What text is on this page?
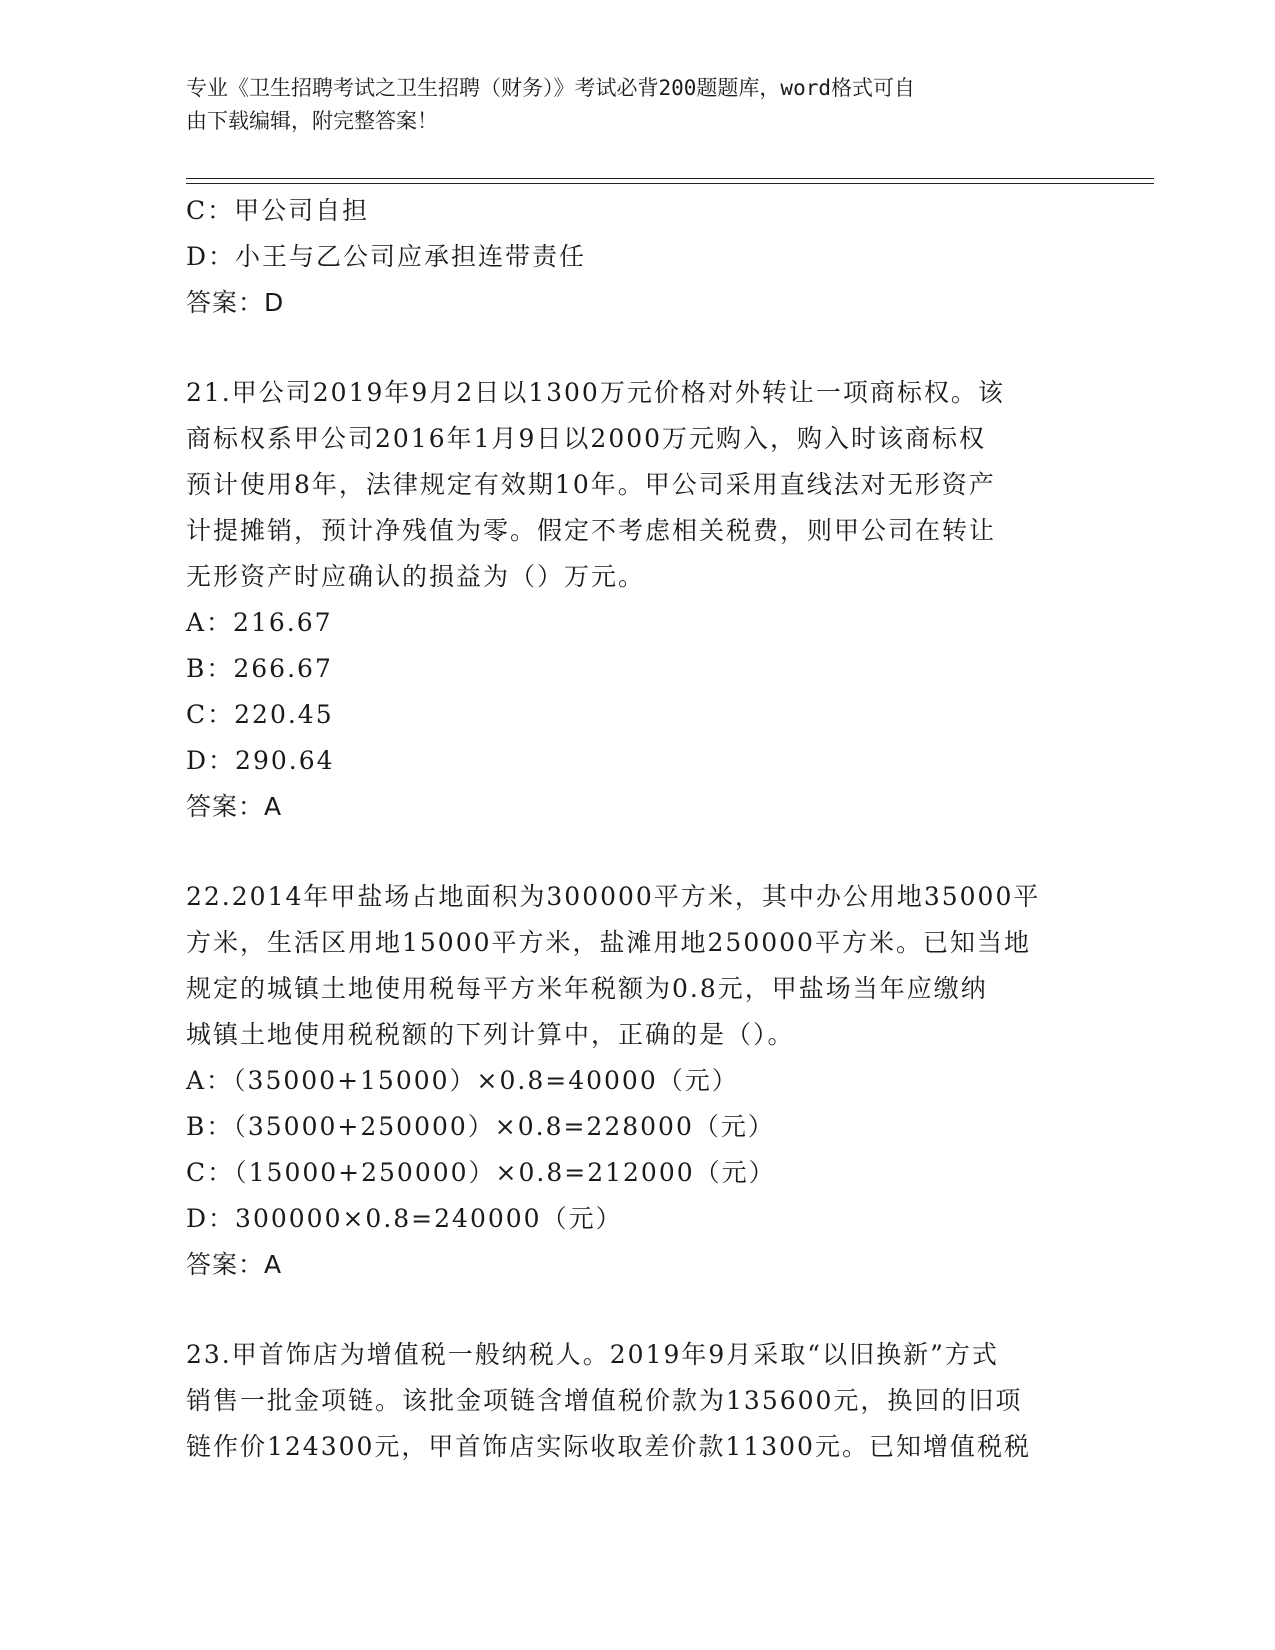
专业《卫生招聘考试之卫生招聘（财务）》考试必背200题题库，word格式可自
由下载编辑，附完整答案！
C：甲公司自担
D：小王与乙公司应承担连带责任
答案：D
21.甲公司2019年9月2日以1300万元价格对外转让一项商标权。该
商标权系甲公司2016年1月9日以2000万元购入，购入时该商标权
预计使用8年，法律规定有效期10年。甲公司采用直线法对无形资产
计提摊销，预计净残值为零。假定不考虑相关税费，则甲公司在转让
无形资产时应确认的损益为（）万元。
A：216.67
B：266.67
C：220.45
D：290.64
答案：A
22.2014年甲盐场占地面积为300000平方米，其中办公用地35000平
方米，生活区用地15000平方米，盐滩用地250000平方米。已知当地
规定的城镇土地使用税每平方米年税额为0.8元，甲盐场当年应缴纳
城镇土地使用税税额的下列计算中，正确的是（）。
A：（35000+15000）×0.8=40000（元）
B：（35000+250000）×0.8=228000（元）
C：（15000+250000）×0.8=212000（元）
D：300000×0.8=240000（元）
答案：A
23.甲首饰店为增值税一般纳税人。2019年9月采取“以旧换新”方式
销售一批金项链。该批金项链含增值税价款为135600元，换回的旧项
链作价124300元，甲首饰店实际收取差价款11300元。已知增值税税
